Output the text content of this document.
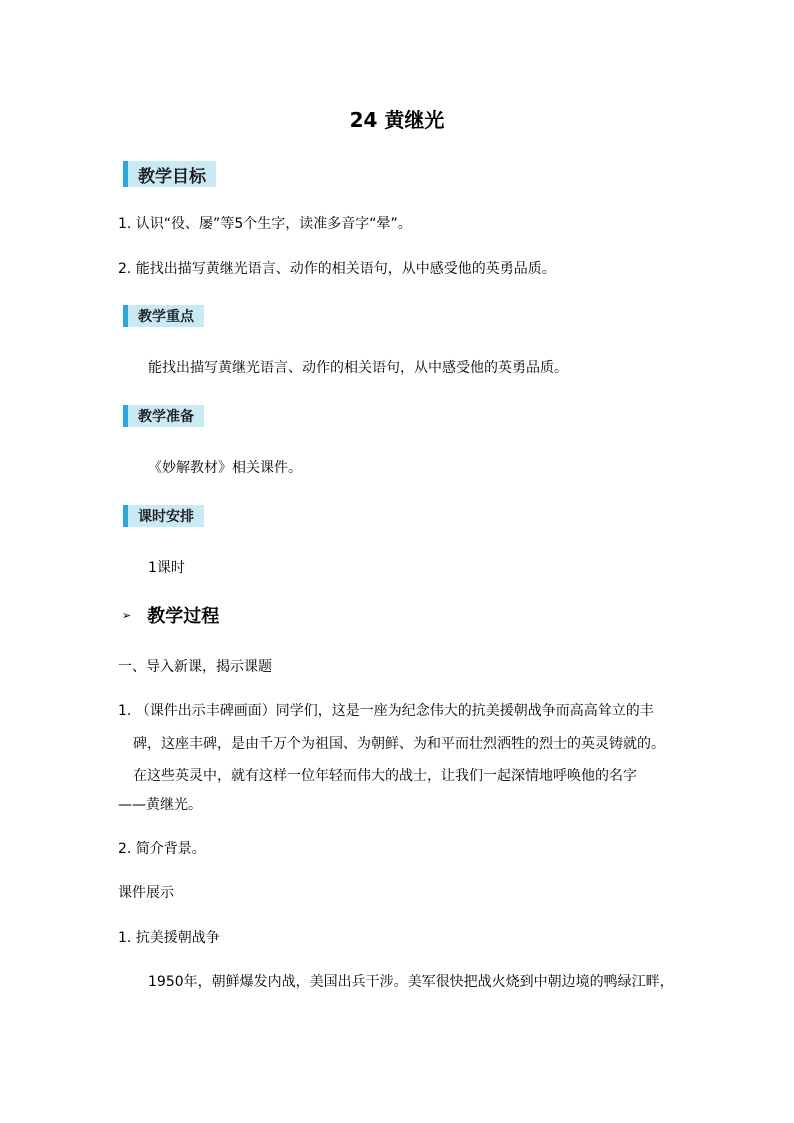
24 黄继光
教学目标
1. 认识“役、屡”等5个生字，读准多音字“晕”。
2. 能找出描写黄继光语言、动作的相关语句，从中感受他的英勇品质。
教学重点
能找出描写黄继光语言、动作的相关语句，从中感受他的英勇品质。
教学准备
《妙解教材》相关课件。
课时安排
1课时
➢ 教学过程
一、导入新课，揭示课题
1. （课件出示丰碑画面）同学们，这是一座为纪念伟大的抗美援朝战争而高高耸立的丰
碑，这座丰碑，是由千万个为祖国、为朝鲜、为和平而壮烈洒牲的烈士的英灵铸就的。
在这些英灵中，就有这样一位年轻而伟大的战士，让我们一起深情地呼唤他的名字
——黄继光。
2. 简介背景。
课件展示
1. 抗美援朝战争
1950年，朝鲜爆发内战，美国出兵干涉。美军很快把战火烧到中朝边境的鸭绿江畔，
